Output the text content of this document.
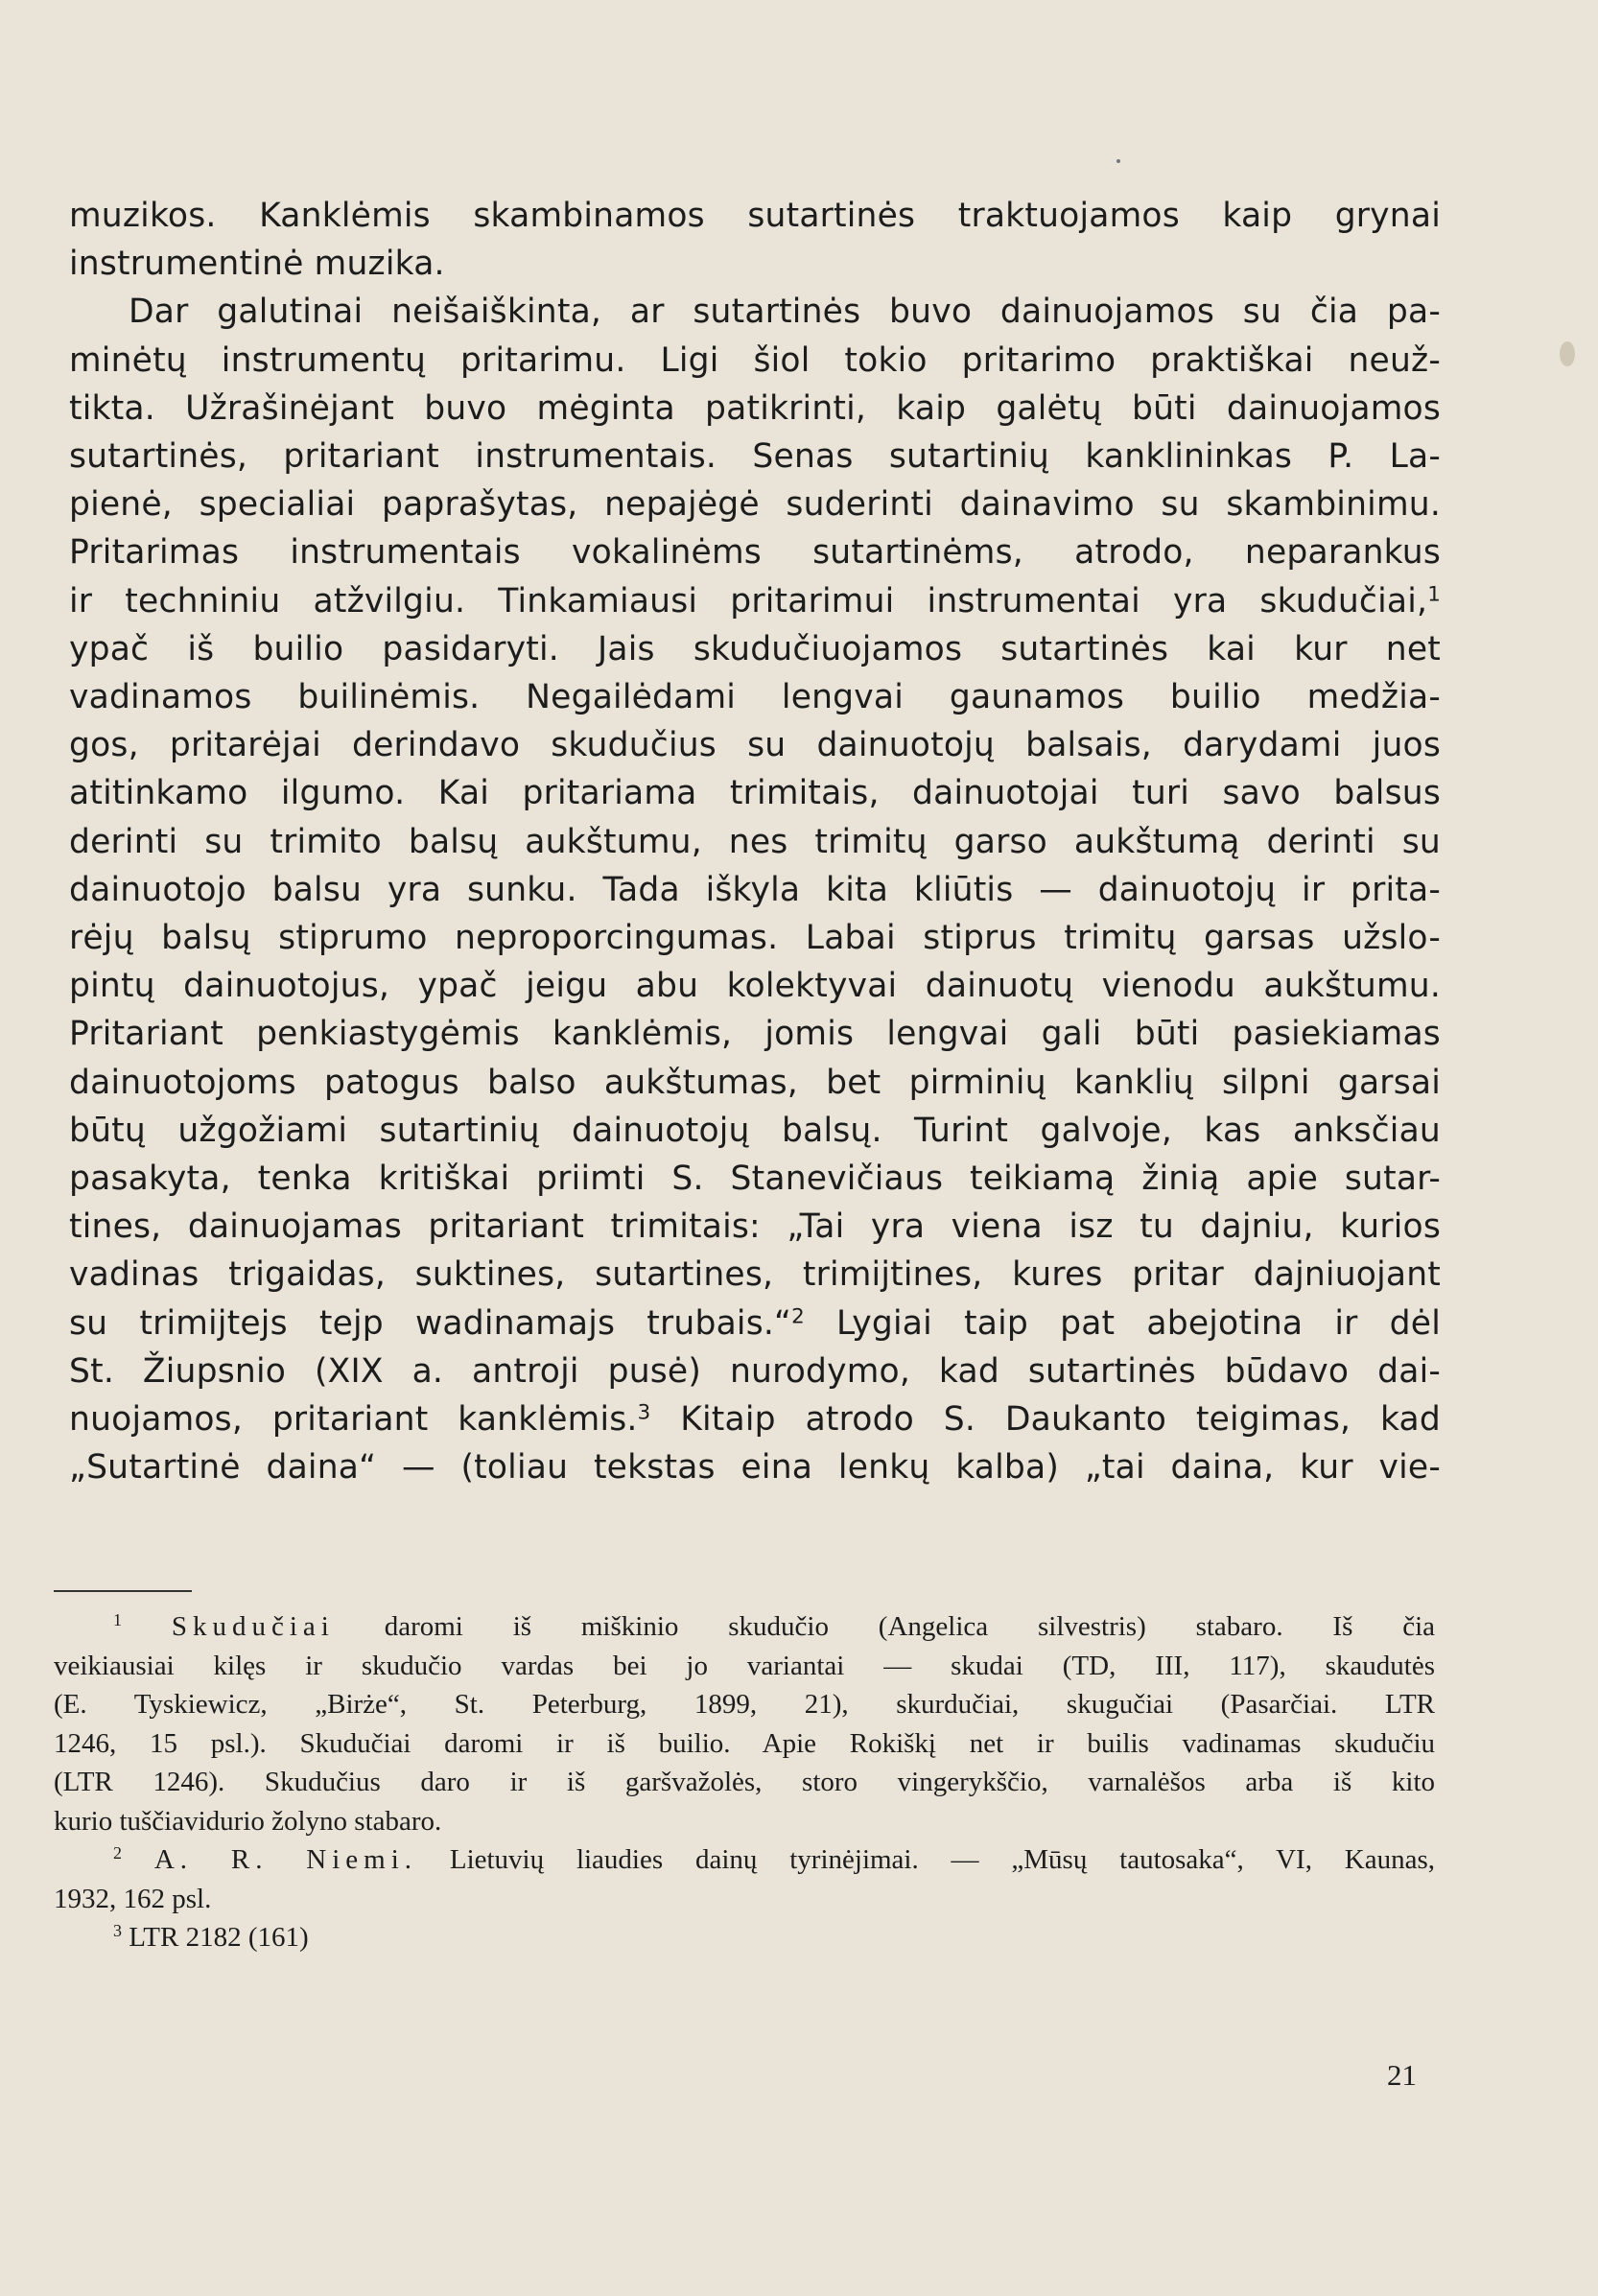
muzikos. Kanklėmis skambinamos sutartinės traktuojamos kaip grynai
instrumentinė muzika.
Dar galutinai neišaiškinta, ar sutartinės buvo dainuojamos su čia pa-
minėtų instrumentų pritarimu. Ligi šiol tokio pritarimo praktiškai neuž-
tikta. Užrašinėjant buvo mėginta patikrinti, kaip galėtų būti dainuojamos
sutartinės, pritariant instrumentais. Senas sutartinių kanklininkas P. La-
pienė, specialiai paprašytas, nepajėgė suderinti dainavimo su skambinimu.
Pritarimas instrumentais vokalinėms sutartinėms, atrodo, neparankus
ir techniniu atžvilgiu. Tinkamiausi pritarimui instrumentai yra skudučiai,$^1$
ypač iš builio pasidaryti. Jais skudučiuojamos sutartinės kai kur net
vadinamos builinėmis. Negailėdami lengvai gaunamos builio medžia-
gos, pritarėjai derindavo skudučius su dainuotojų balsais, darydami juos
atitinkamo ilgumo. Kai pritariama trimitais, dainuotojai turi savo balsus
derinti su trimito balsų aukštumu, nes trimitų garso aukštumą derinti su
dainuotojo balsu yra sunku. Tada iškyla kita kliūtis — dainuotojų ir prita-
rėjų balsų stiprumo neproporcingumas. Labai stiprus trimitų garsas užslo-
pintų dainuotojus, ypač jeigu abu kolektyvai dainuotų vienodu aukštumu.
Pritariant penkiastygėmis kanklėmis, jomis lengvai gali būti pasiekiamas
dainuotojoms patogus balso aukštumas, bet pirminių kanklių silpni garsai
būtų užgožiami sutartinių dainuotojų balsų. Turint galvoje, kas anksčiau
pasakyta, tenka kritiškai priimti S. Stanevičiaus teikiamą žinią apie sutar-
tines, dainuojamas pritariant trimitais: „Tai yra viena isz tu dajniu, kurios
vadinas trigaidas, suktines, sutartines, trimijtines, kures pritar dajniuojant
su trimijtejs tejp wadinamajs trubais.“$^2$ Lygiai taip pat abejotina ir dėl
St. Žiupsnio (XIX a. antroji pusė) nurodymo, kad sutartinės būdavo dai-
nuojamos, pritariant kanklėmis.$^3$ Kitaip atrodo S. Daukanto teigimas, kad
„Sutartinė daina“ — (toliau tekstas eina lenkų kalba) „tai daina, kur vie-
$^1$ Skudučiai daromi iš miškinio skudučio (Angelica silvestris) stabaro. Iš čia
veikiausiai kilęs ir skudučio vardas bei jo variantai — skudai (TD, III, 117), skaudutės
(E. Tyskiewicz, „Birże“, St. Peterburg, 1899, 21), skurdučiai, skugučiai (Pasarčiai. LTR
1246, 15 psl.). Skudučiai daromi ir iš builio. Apie Rokiškį net ir builis vadinamas skudučiu
(LTR 1246). Skudučius daro ir iš garšvažolės, storo vingerykščio, varnalėšos arba iš kito
kurio tuščiavidurio žolyno stabaro.
$^2$ A. R. Niemi. Lietuvių liaudies dainų tyrinėjimai. — „Mūsų tautosaka“, VI, Kaunas,
1932, 162 psl.
$^3$ LTR 2182 (161)
21
